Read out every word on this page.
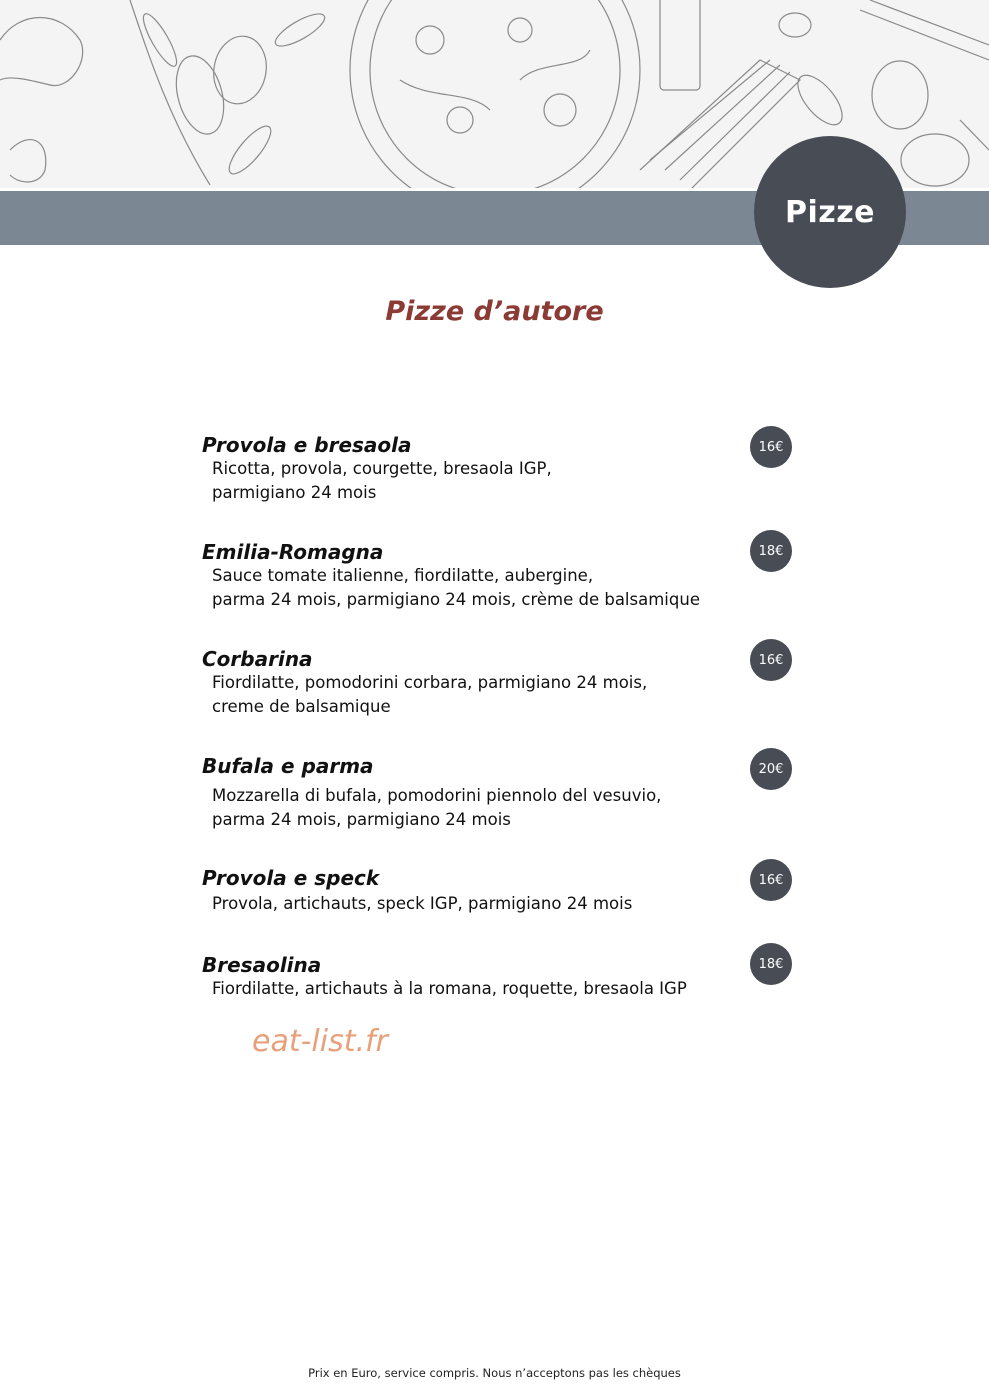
Pizze
Pizze d’autore
Provola e bresaola
Ricotta, provola, courgette, bresaola IGP,
parmigiano 24 mois
16€
Emilia-Romagna
Sauce tomate italienne, fiordilatte, aubergine,
parma 24 mois, parmigiano 24 mois, crème de balsamique
18€
Corbarina
Fiordilatte, pomodorini corbara, parmigiano 24 mois,
creme de balsamique
16€
Bufala e parma
Mozzarella di bufala, pomodorini piennolo del vesuvio,
parma 24 mois, parmigiano 24 mois
20€
Provola e speck
Provola, artichauts, speck IGP, parmigiano 24 mois
16€
Bresaolina
Fiordilatte, artichauts à la romana, roquette, bresaola IGP
18€
eat-list.fr
Prix en Euro, service compris. Nous n’acceptons pas les chèques
